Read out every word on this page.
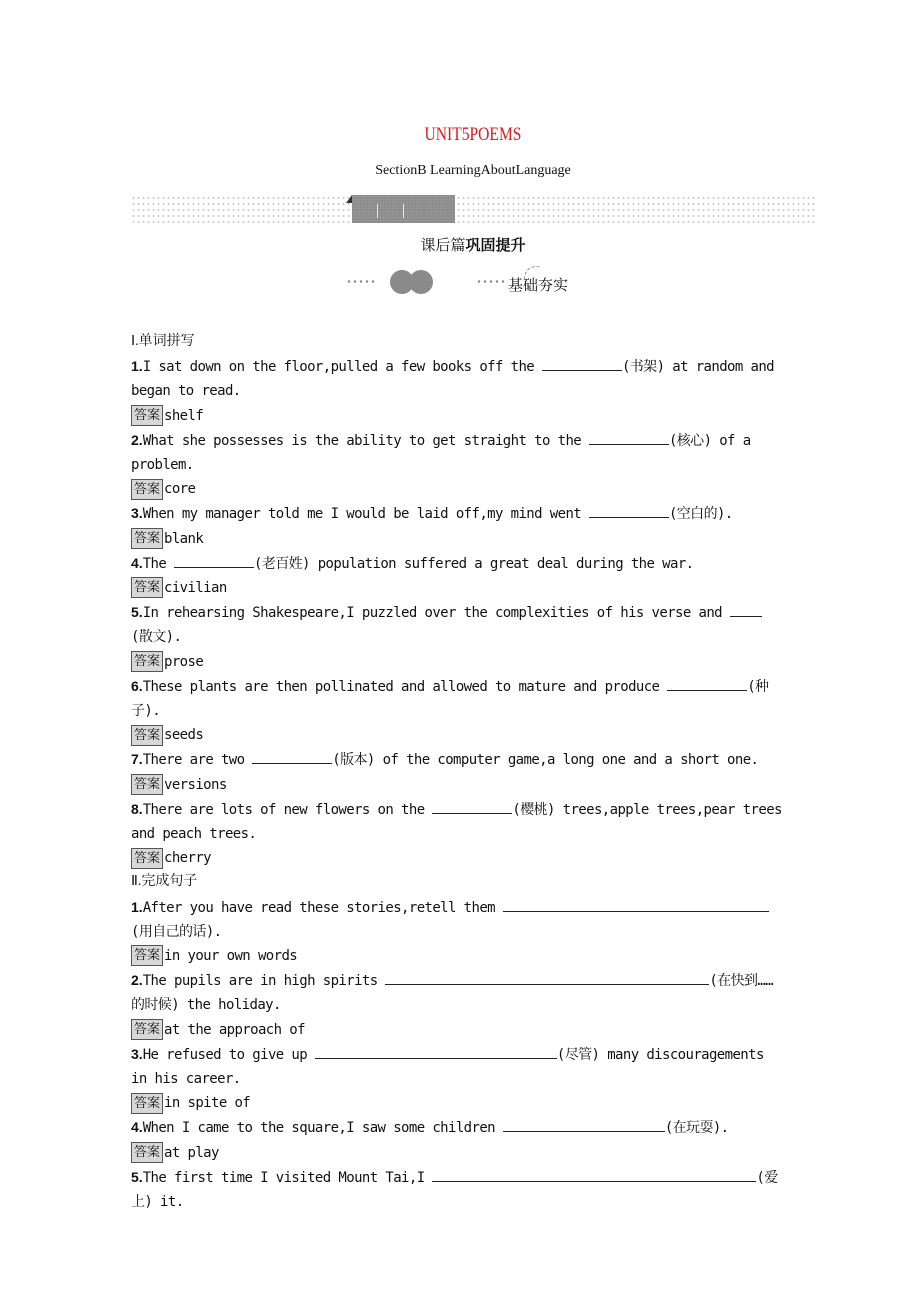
UNIT5POEMS
SectionB LearningAboutLanguage
课后篇巩固提升
基础夯实
Ⅰ.单词拼写
1.I sat down on the floor,pulled a few books off the	(书架) at random and
began to read.
答案 shelf
2.What she possesses is the ability to get straight to the	(核心) of a
problem.
答案 core
3.When my manager told me I would be laid off,my mind went	(空白的).
答案 blank
4.The	(老百姓) population suffered a great deal during the war.
答案 civilian
5.In rehearsing Shakespeare,I puzzled over the complexities of his verse and
(散文).
答案 prose
6.These plants are then pollinated and allowed to mature and produce	(种
子).
答案 seeds
7.There are two	(版本) of the computer game,a long one and a short one.
答案 versions
8.There are lots of new flowers on the	(樱桃) trees,apple trees,pear trees
and peach trees.
答案 cherry
Ⅱ.完成句子
1.After you have read these stories,retell them
(用自己的话).
答案 in your own words
2.The pupils are in high spirits	(在快到……
的时候) the holiday.
答案 at the approach of
3.He refused to give up	(尽管) many discouragements
in his career.
答案 in spite of
4.When I came to the square,I saw some children	(在玩耍).
答案 at play
5.The first time I visited Mount Tai,I	(爱
上) it.
